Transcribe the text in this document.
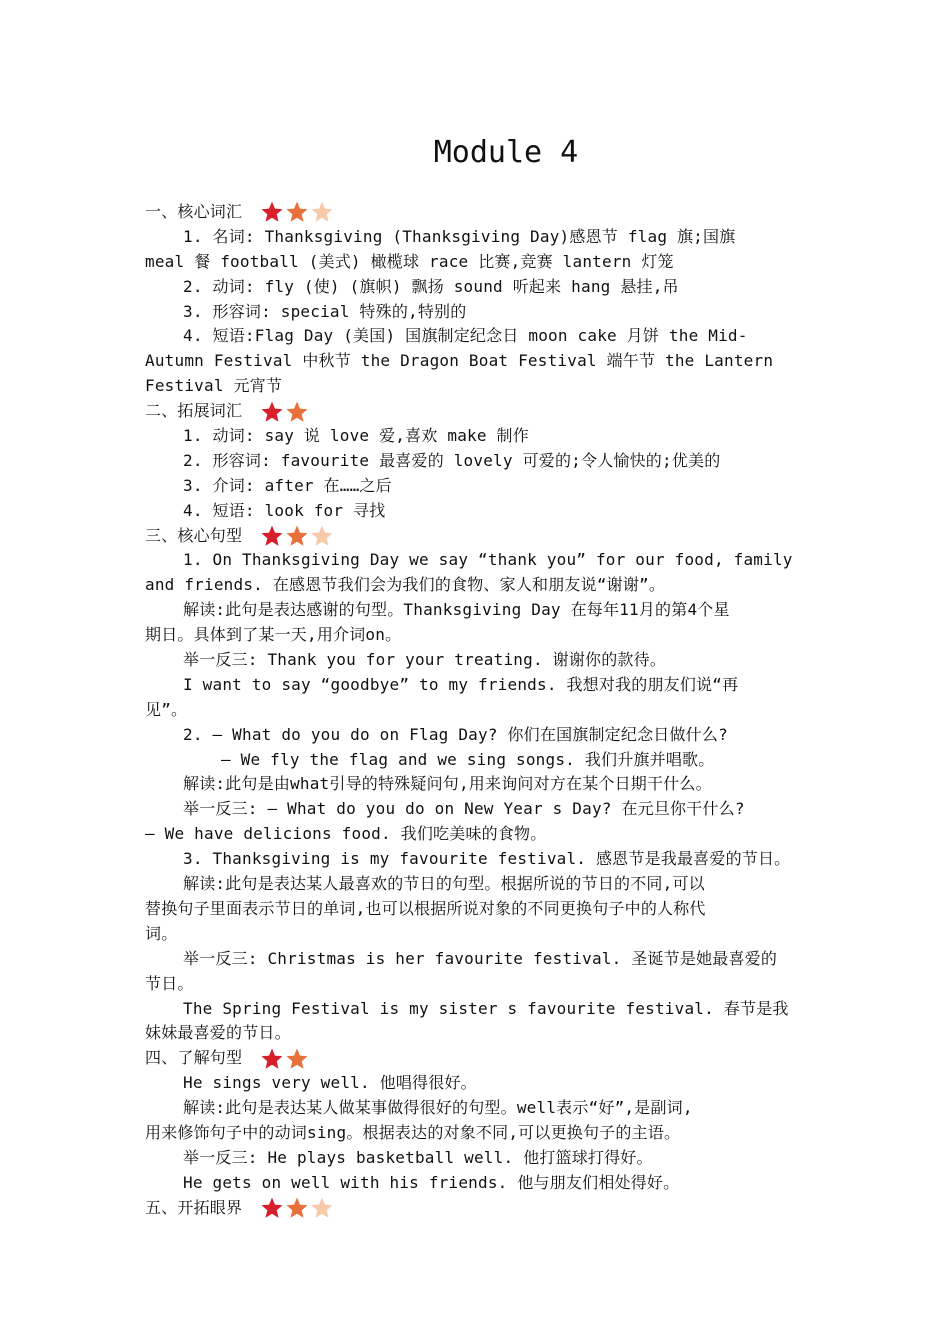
Module 4
一、核心词汇
1. 名词: Thanksgiving (Thanksgiving Day)感恩节 flag 旗;国旗
meal 餐 football (美式) 橄榄球 race 比赛,竞赛 lantern 灯笼
2. 动词: fly (使) (旗帜) 飘扬 sound 听起来 hang 悬挂,吊
3. 形容词: special 特殊的,特别的
4. 短语:Flag Day (美国) 国旗制定纪念日 moon cake 月饼 the Mid-
Autumn Festival 中秋节 the Dragon Boat Festival 端午节 the Lantern
Festival 元宵节
二、拓展词汇
1. 动词: say 说 love 爱,喜欢 make 制作
2. 形容词: favourite 最喜爱的 lovely 可爱的;令人愉快的;优美的
3. 介词: after 在……之后
4. 短语: look for 寻找
三、核心句型
1. On Thanksgiving Day we say “thank you” for our food, family
and friends. 在感恩节我们会为我们的食物、家人和朋友说“谢谢”。
解读:此句是表达感谢的句型。Thanksgiving Day 在每年11月的第4个星
期日。具体到了某一天,用介词on。
举一反三: Thank you for your treating. 谢谢你的款待。
I want to say “goodbye” to my friends. 我想对我的朋友们说“再
见”。
2. — What do you do on Flag Day? 你们在国旗制定纪念日做什么?
— We fly the flag and we sing songs. 我们升旗并唱歌。
解读:此句是由what引导的特殊疑问句,用来询问对方在某个日期干什么。
举一反三: — What do you do on New Year s Day? 在元旦你干什么?
— We have delicions food. 我们吃美味的食物。
3. Thanksgiving is my favourite festival. 感恩节是我最喜爱的节日。
解读:此句是表达某人最喜欢的节日的句型。根据所说的节日的不同,可以
替换句子里面表示节日的单词,也可以根据所说对象的不同更换句子中的人称代
词。
举一反三: Christmas is her favourite festival. 圣诞节是她最喜爱的
节日。
The Spring Festival is my sister s favourite festival. 春节是我
妹妹最喜爱的节日。
四、了解句型
He sings very well. 他唱得很好。
解读:此句是表达某人做某事做得很好的句型。well表示“好”,是副词,
用来修饰句子中的动词sing。根据表达的对象不同,可以更换句子的主语。
举一反三: He plays basketball well. 他打篮球打得好。
He gets on well with his friends. 他与朋友们相处得好。
五、开拓眼界
